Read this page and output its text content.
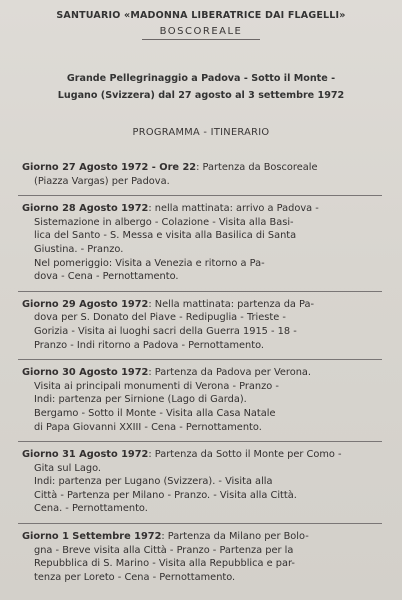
SANTUARIO «MADONNA LIBERATRICE DAI FLAGELLI»
BOSCOREALE
Grande Pellegrinaggio a Padova - Sotto il Monte -
Lugano (Svizzera) dal 27 agosto al 3 settembre 1972
PROGRAMMA - ITINERARIO
Giorno 27 Agosto 1972 - Ore 22: Partenza da Boscoreale
(Piazza Vargas) per Padova.
Giorno 28 Agosto 1972: nella mattinata: arrivo a Padova -
Sistemazione in albergo - Colazione - Visita alla Basi-
lica del Santo - S. Messa e visita alla Basilica di Santa
Giustina. - Pranzo.
Nel pomeriggio: Visita a Venezia e ritorno a Pa-
dova - Cena - Pernottamento.
Giorno 29 Agosto 1972: Nella mattinata: partenza da Pa-
dova per S. Donato del Piave - Redipuglia - Trieste -
Gorizia - Visita ai luoghi sacri della Guerra 1915 - 18 -
Pranzo - Indi ritorno a Padova - Pernottamento.
Giorno 30 Agosto 1972: Partenza da Padova per Verona.
Visita ai principali monumenti di Verona - Pranzo -
Indi: partenza per Sirnione (Lago di Garda).
Bergamo - Sotto il Monte - Visita alla Casa Natale
di Papa Giovanni XXIII - Cena - Pernottamento.
Giorno 31 Agosto 1972: Partenza da Sotto il Monte per Como -
Gita sul Lago.
Indi: partenza per Lugano (Svizzera). - Visita alla
Città - Partenza per Milano - Pranzo. - Visita alla Città.
Cena. - Pernottamento.
Giorno 1 Settembre 1972: Partenza da Milano per Bolo-
gna - Breve visita alla Città - Pranzo - Partenza per la
Repubblica di S. Marino - Visita alla Repubblica e par-
tenza per Loreto - Cena - Pernottamento.
